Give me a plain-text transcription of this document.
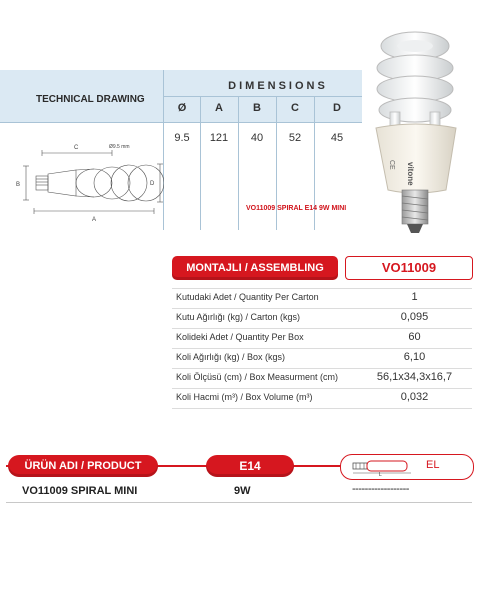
TECHNICAL DRAWING
DIMENSIONS
Ø	A	B	C	D
9.5	121	40	52	45
C
A
B	D
Ø9.5 mm
VO11009 SPIRAL E14 9W MINI
vitone
CE
MONTAJLI / ASSEMBLING	VO11009
Kutudaki Adet / Quantity Per Carton	1
Kutu Ağırlığı (kg) / Carton (kgs)	0,095
Kolideki Adet / Quantity Per Box	60
Koli Ağırlığı (kg) / Box (kgs)	6,10
Koli Ölçüsü (cm) / Box Measurment (cm)	56,1x34,3x16,7
Koli Hacmi (m³) / Box Volume (m³)	0,032
ÜRÜN ADI / PRODUCT	E14
L
EL
VO11009 SPIRAL MINI	9W	------------------
